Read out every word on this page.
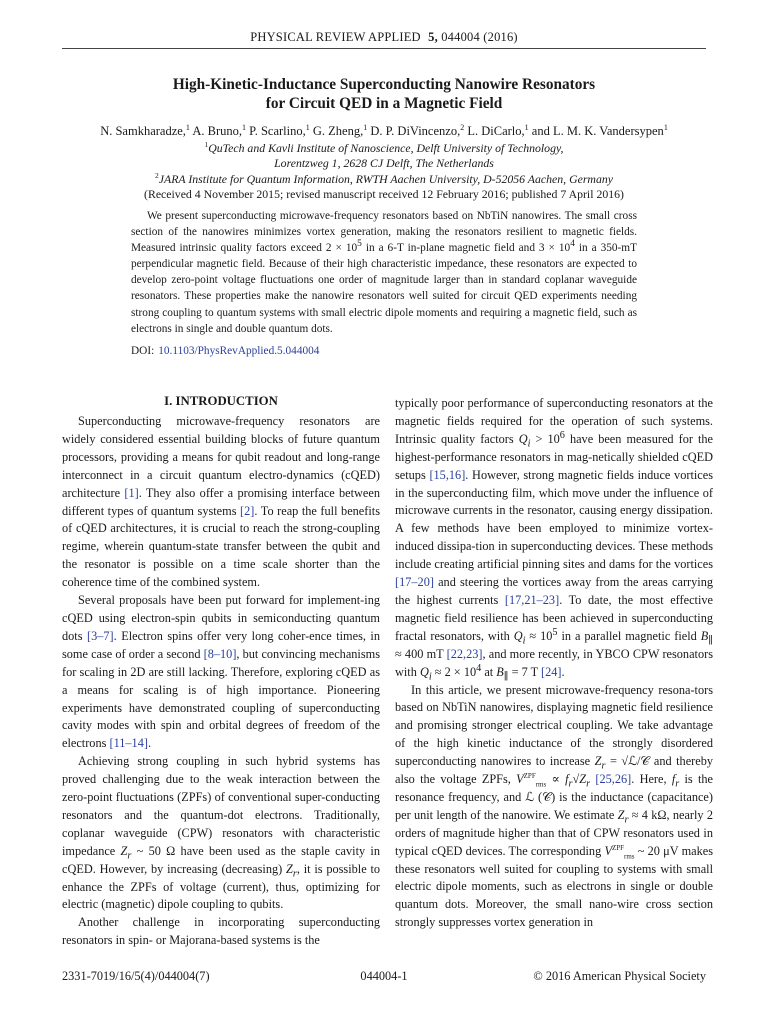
PHYSICAL REVIEW APPLIED 5, 044004 (2016)
High-Kinetic-Inductance Superconducting Nanowire Resonators
for Circuit QED in a Magnetic Field
N. Samkharadze,$^1$ A. Bruno,$^1$ P. Scarlino,$^1$ G. Zheng,$^1$ D. P. DiVincenzo,$^2$ L. DiCarlo,$^1$ and L. M. K. Vandersypen$^1$
$^1$QuTech and Kavli Institute of Nanoscience, Delft University of Technology,
Lorentzweg 1, 2628 CJ Delft, The Netherlands
$^2$JARA Institute for Quantum Information, RWTH Aachen University, D-52056 Aachen, Germany
(Received 4 November 2015; revised manuscript received 12 February 2016; published 7 April 2016)

We present superconducting microwave-frequency resonators based on NbTiN nanowires. The small cross section of the nanowires minimizes vortex generation, making the resonators resilient to magnetic fields. Measured intrinsic quality factors exceed $2 \times 10^5$ in a 6-T in-plane magnetic field and $3 \times 10^4$ in a 350-mT perpendicular magnetic field. Because of their high characteristic impedance, these resonators are expected to develop zero-point voltage fluctuations one order of magnitude larger than in standard coplanar waveguide resonators. These properties make the nanowire resonators well suited for circuit QED experiments needing strong coupling to quantum systems with small electric dipole moments and requiring a magnetic field, such as electrons in single and double quantum dots.

DOI: 10.1103/PhysRevApplied.5.044004
I. INTRODUCTION

Superconducting microwave-frequency resonators are widely considered essential building blocks of future quantum processors, providing a means for qubit readout and long-range interconnect in a circuit quantum electro-dynamics (cQED) architecture [1]. They also offer a promising interface between different types of quantum systems [2]. To reap the full benefits of cQED architectures, it is crucial to reach the strong-coupling regime, wherein quantum-state transfer between the qubit and the resonator is possible on a time scale shorter than the coherence time of the combined system.

Several proposals have been put forward for implement-ing cQED using electron-spin qubits in semiconducting quantum dots [3–7]. Electron spins offer very long coher-ence times, in some case of order a second [8–10], but convincing mechanisms for scaling in 2D are still lacking. Therefore, exploring cQED as a means for scaling is of high importance. Pioneering experiments have demonstrated coupling of superconducting cavity modes with spin and orbital degrees of freedom of the electrons [11–14].

Achieving strong coupling in such hybrid systems has proved challenging due to the weak interaction between the zero-point fluctuations (ZPFs) of conventional super-conducting resonators and the quantum-dot electrons. Traditionally, coplanar waveguide (CPW) resonators with characteristic impedance $Z_r$ ~ 50 Ω have been used as the staple cavity in cQED. However, by increasing (decreasing) $Z_r$, it is possible to enhance the ZPFs of voltage (current), thus, optimizing for electric (magnetic) dipole coupling to qubits.

Another challenge in incorporating superconducting resonators in spin- or Majorana-based systems is the

typically poor performance of superconducting resonators at the magnetic fields required for the operation of such systems. Intrinsic quality factors $Q_i > 10^6$ have been measured for the highest-performance resonators in mag-netically shielded cQED setups [15,16]. However, strong magnetic fields induce vortices in the superconducting film, which move under the influence of microwave currents in the resonator, causing energy dissipation. A few methods have been employed to minimize vortex-induced dissipa-tion in superconducting devices. These methods include creating artificial pinning sites and dams for the vortices [17–20] and steering the vortices away from the areas carrying the highest currents [17,21–23]. To date, the most effective magnetic field resilience has been achieved in superconducting fractal resonators, with $Q_i \approx 10^5$ in a parallel magnetic field $B_\parallel \approx 400$ mT [22,23], and more recently, in YBCO CPW resonators with $Q_i \approx 2 \times 10^4$ at $B_\parallel = 7$ T [24].

In this article, we present microwave-frequency resona-tors based on NbTiN nanowires, displaying magnetic field resilience and promising stronger electrical coupling. We take advantage of the high kinetic inductance of the strongly disordered superconducting nanowires to increase $Z_r$ = √ℒ/𝒞 and thereby also the voltage ZPFs, $V^{ZPF}_{rms} \propto f_r√Z_r$ [25,26]. Here, $f_r$ is the resonance frequency, and ℒ (𝒞) is the inductance (capacitance) per unit length of the nanowire. We estimate $Z_r \approx 4$ kΩ, nearly 2 orders of magnitude higher than that of CPW resonators used in typical cQED devices. The corresponding $V^{ZPF}_{rms}$ ~ 20 μV makes these resonators well suited for coupling to systems with small electric dipole moments, such as electrons in single or double quantum dots. Moreover, the small nano-wire cross section strongly suppresses vortex generation in

2331-7019/16/5(4)/044004(7)	044004-1	© 2016 American Physical Society
